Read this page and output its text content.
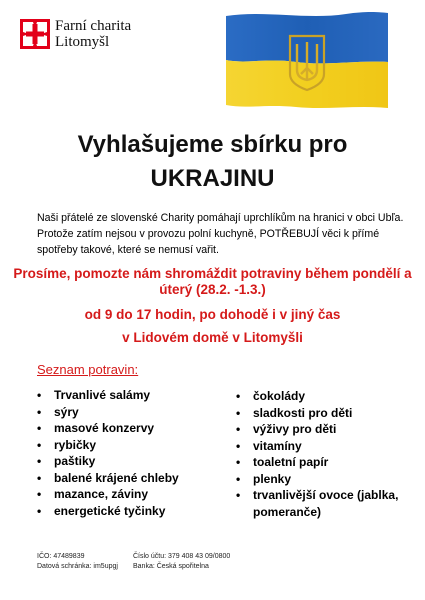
Farní charita
Litomyšl
Vyhlašujeme sbírku pro
UKRAJINU
Naši přátelé ze slovenské Charity pomáhají uprchlíkům na hranici v obci Ubľa. Protože zatím nejsou v provozu polní kuchyně, POTŘEBUJÍ věci k přímé spotřeby takové, které se nemusí vařit.
Prosíme, pomozte nám shromáždit potraviny během pondělí a úterý (28.2. -1.3.)
od 9 do 17 hodin, po dohodě i v jiný čas
v Lidovém domě v Litomyšli
Seznam potravin:
• Trvanlivé salámy
• sýry
• masové konzervy
• rybičky
• paštiky
• balené krájené chleby
• mazance, záviny
• energetické tyčinky
• čokolády
• sladkosti pro děti
• výživy pro děti
• vitamíny
• toaletní papír
• plenky
• trvanlivější ovoce (jablka, pomeranče)
IČO: 47489839
Datová schránka: im5upgj
Číslo účtu: 379 408 43 09/0800
Banka: Česká spořitelna
